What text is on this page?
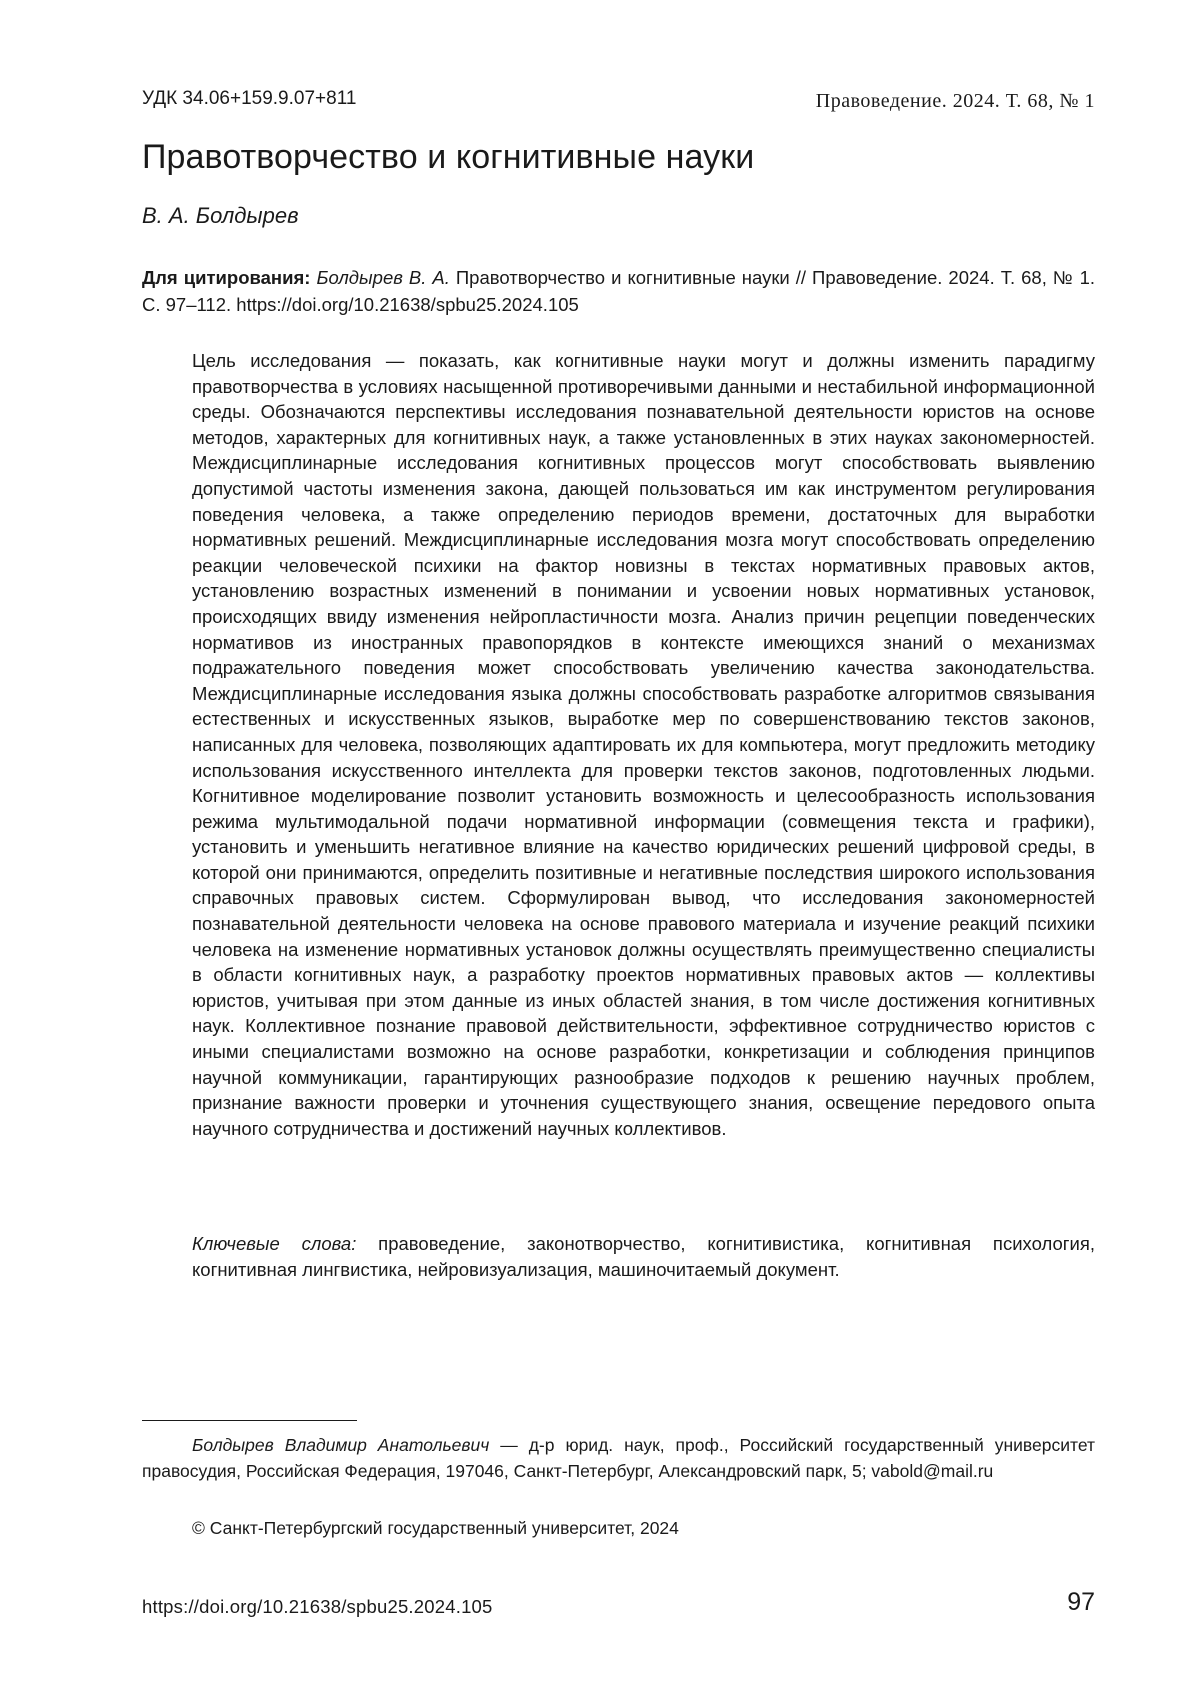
УДК 34.06+159.9.07+811	Правоведение. 2024. Т. 68, № 1
Правотворчество и когнитивные науки
В. А. Болдырев
Для цитирования: Болдырев В. А. Правотворчество и когнитивные науки // Правоведение. 2024. Т. 68, № 1. С. 97–112. https://doi.org/10.21638/spbu25.2024.105

Цель исследования — показать, как когнитивные науки могут и должны изменить парадигму правотворчества в условиях насыщенной противоречивыми данными и нестабильной информационной среды. Обозначаются перспективы исследования познавательной деятельности юристов на основе методов, характерных для когнитивных наук, а также установленных в этих науках закономерностей. Междисциплинарные исследования когнитивных процессов могут способствовать выявлению допустимой частоты изменения закона, дающей пользоваться им как инструментом регулирования поведения человека, а также определению периодов времени, достаточных для выработки нормативных решений. Междисциплинарные исследования мозга могут способствовать определению реакции человеческой психики на фактор новизны в текстах нормативных правовых актов, установлению возрастных изменений в понимании и усвоении новых нормативных установок, происходящих ввиду изменения нейропластичности мозга. Анализ причин рецепции поведенческих нормативов из иностранных правопорядков в контексте имеющихся знаний о механизмах подражательного поведения может способствовать увеличению качества законодательства. Междисциплинарные исследования языка должны способствовать разработке алгоритмов связывания естественных и искусственных языков, выработке мер по совершенствованию текстов законов, написанных для человека, позволяющих адаптировать их для компьютера, могут предложить методику использования искусственного интеллекта для проверки текстов законов, подготовленных людьми. Когнитивное моделирование позволит установить возможность и целесообразность использования режима мультимодальной подачи нормативной информации (совмещения текста и графики), установить и уменьшить негативное влияние на качество юридических решений цифровой среды, в которой они принимаются, определить позитивные и негативные последствия широкого использования справочных правовых систем. Сформулирован вывод, что исследования закономерностей познавательной деятельности человека на основе правового материала и изучение реакций психики человека на изменение нормативных установок должны осуществлять преимущественно специалисты в области когнитивных наук, а разработку проектов нормативных правовых актов — коллективы юристов, учитывая при этом данные из иных областей знания, в том числе достижения когнитивных наук. Коллективное познание правовой действительности, эффективное сотрудничество юристов с иными специалистами возможно на основе разработки, конкретизации и соблюдения принципов научной коммуникации, гарантирующих разнообразие подходов к решению научных проблем, признание важности проверки и уточнения существующего знания, освещение передового опыта научного сотрудничества и достижений научных коллективов.

Ключевые слова: правоведение, законотворчество, когнитивистика, когнитивная психология, когнитивная лингвистика, нейровизуализация, машиночитаемый документ.
Болдырев Владимир Анатольевич — д-р юрид. наук, проф., Российский государственный университет правосудия, Российская Федерация, 197046, Санкт-Петербург, Александровский парк, 5; vabold@mail.ru
© Санкт-Петербургский государственный университет, 2024
https://doi.org/10.21638/spbu25.2024.105	97
